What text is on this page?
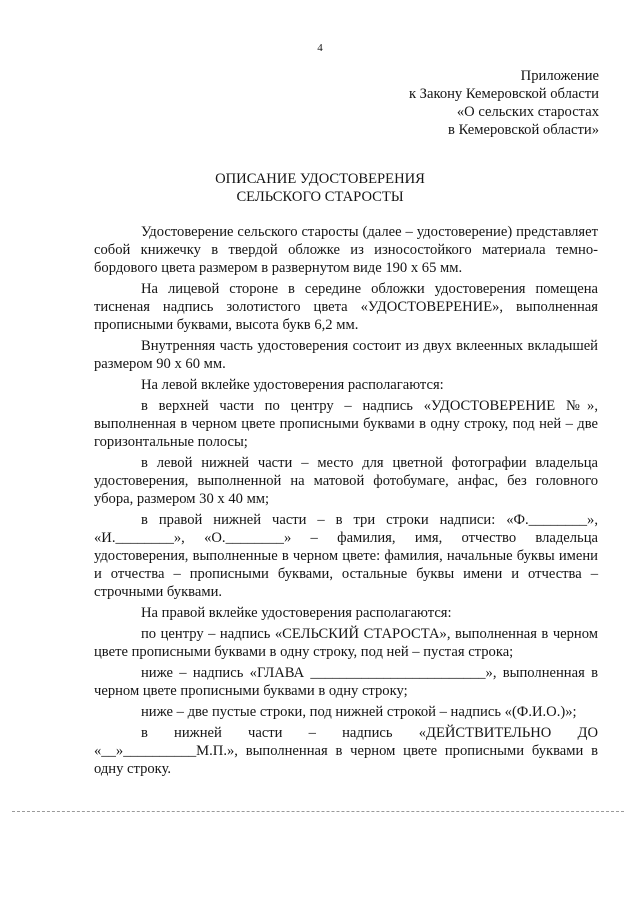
4
Приложение
к Закону Кемеровской области
«О сельских старостах
в Кемеровской области»
ОПИСАНИЕ УДОСТОВЕРЕНИЯ
СЕЛЬСКОГО СТАРОСТЫ

Удостоверение сельского старосты (далее – удостоверение) представляет собой книжечку в твердой обложке из износостойкого материала темно-бордового цвета размером в развернутом виде 190 x 65 мм.

На лицевой стороне в середине обложки удостоверения помещена тисненая надпись золотистого цвета «УДОСТОВЕРЕНИЕ», выполненная прописными буквами, высота букв 6,2 мм.

Внутренняя часть удостоверения состоит из двух вклеенных вкладышей размером 90 x 60 мм.

На левой вклейке удостоверения располагаются:

в верхней части по центру – надпись «УДОСТОВЕРЕНИЕ №», выполненная в черном цвете прописными буквами в одну строку, под ней – две горизонтальные полосы;

в левой нижней части – место для цветной фотографии владельца удостоверения, выполненной на матовой фотобумаге, анфас, без головного убора, размером 30 x 40 мм;

в правой нижней части – в три строки надписи: «Ф.________», «И.________», «О.________» – фамилия, имя, отчество владельца удостоверения, выполненные в черном цвете: фамилия, начальные буквы имени и отчества – прописными буквами, остальные буквы имени и отчества – строчными буквами.

На правой вклейке удостоверения располагаются:

по центру – надпись «СЕЛЬСКИЙ СТАРОСТА», выполненная в черном цвете прописными буквами в одну строку, под ней – пустая строка;

ниже – надпись «ГЛАВА ________________________», выполненная в черном цвете прописными буквами в одну строку;

ниже – две пустые строки, под нижней строкой – надпись «(Ф.И.О.)»;

в нижней части – надпись «ДЕЙСТВИТЕЛЬНО ДО «__»__________М.П.», выполненная в черном цвете прописными буквами в одну строку.
